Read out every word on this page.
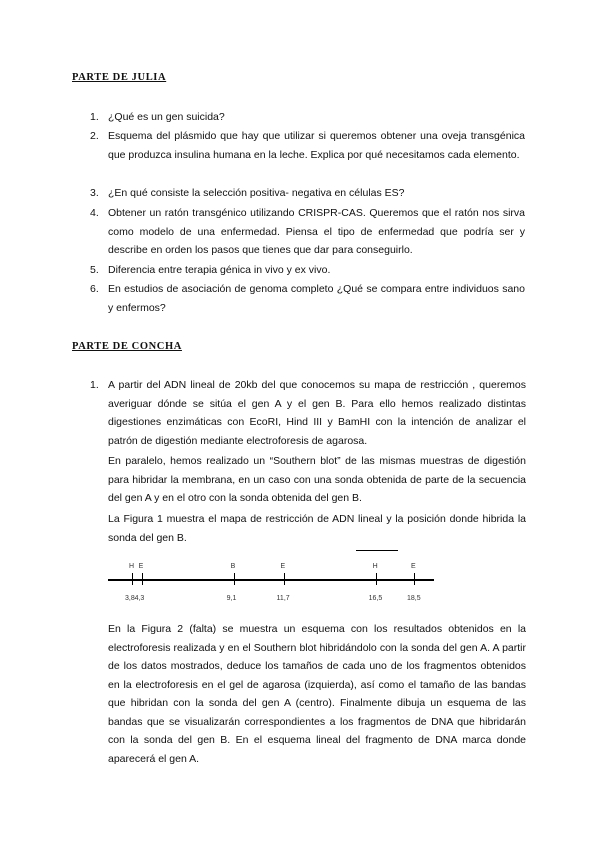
PARTE DE JULIA
1. ¿Qué es un gen suicida?
2. Esquema del plásmido que hay que utilizar si queremos obtener una oveja transgénica que produzca insulina humana en la leche. Explica por qué necesitamos cada elemento.
3. ¿En qué consiste la selección positiva- negativa en células ES?
4. Obtener un ratón transgénico utilizando CRISPR-CAS. Queremos que el ratón nos sirva como modelo de una enfermedad. Piensa el tipo de enfermedad que podría ser y describe en orden los pasos que tienes que dar para conseguirlo.
5. Diferencia entre terapia génica in vivo y ex vivo.
6. En estudios de asociación de genoma completo ¿Qué se compara entre individuos sano y enfermos?
PARTE DE CONCHA
1. A partir del ADN lineal de 20kb del que conocemos su mapa de restricción , queremos averiguar dónde se sitúa el gen A y el gen B. Para ello hemos realizado distintas digestiones enzimáticas con EcoRI, Hind III y BamHI con la intención de analizar el patrón de digestión mediante electroforesis de agarosa.
En paralelo, hemos realizado un “Southern blot” de las mismas muestras de digestión para hibridar la membrana, en un caso con una sonda obtenida de parte de la secuencia del gen A y en el otro con la sonda obtenida del gen B.
La Figura 1 muestra el mapa de restricción de ADN lineal y la posición donde hibrida la sonda del gen B.
H
3,8
E
4,3
B
9,1
E
11,7
H
16,5
E
18,5
En la Figura 2 (falta) se muestra un esquema con los resultados obtenidos en la electroforesis realizada y en el Southern blot hibridándolo con la sonda del gen A. A partir de los datos mostrados, deduce los tamaños de cada uno de los fragmentos obtenidos en la electroforesis en el gel de agarosa (izquierda), así como el tamaño de las bandas que hibridan con la sonda del gen A (centro). Finalmente dibuja un esquema de las bandas que se visualizarán correspondientes a los fragmentos de DNA que hibridarán con la sonda del gen B. En el esquema lineal del fragmento de DNA marca donde aparecerá el gen A.
